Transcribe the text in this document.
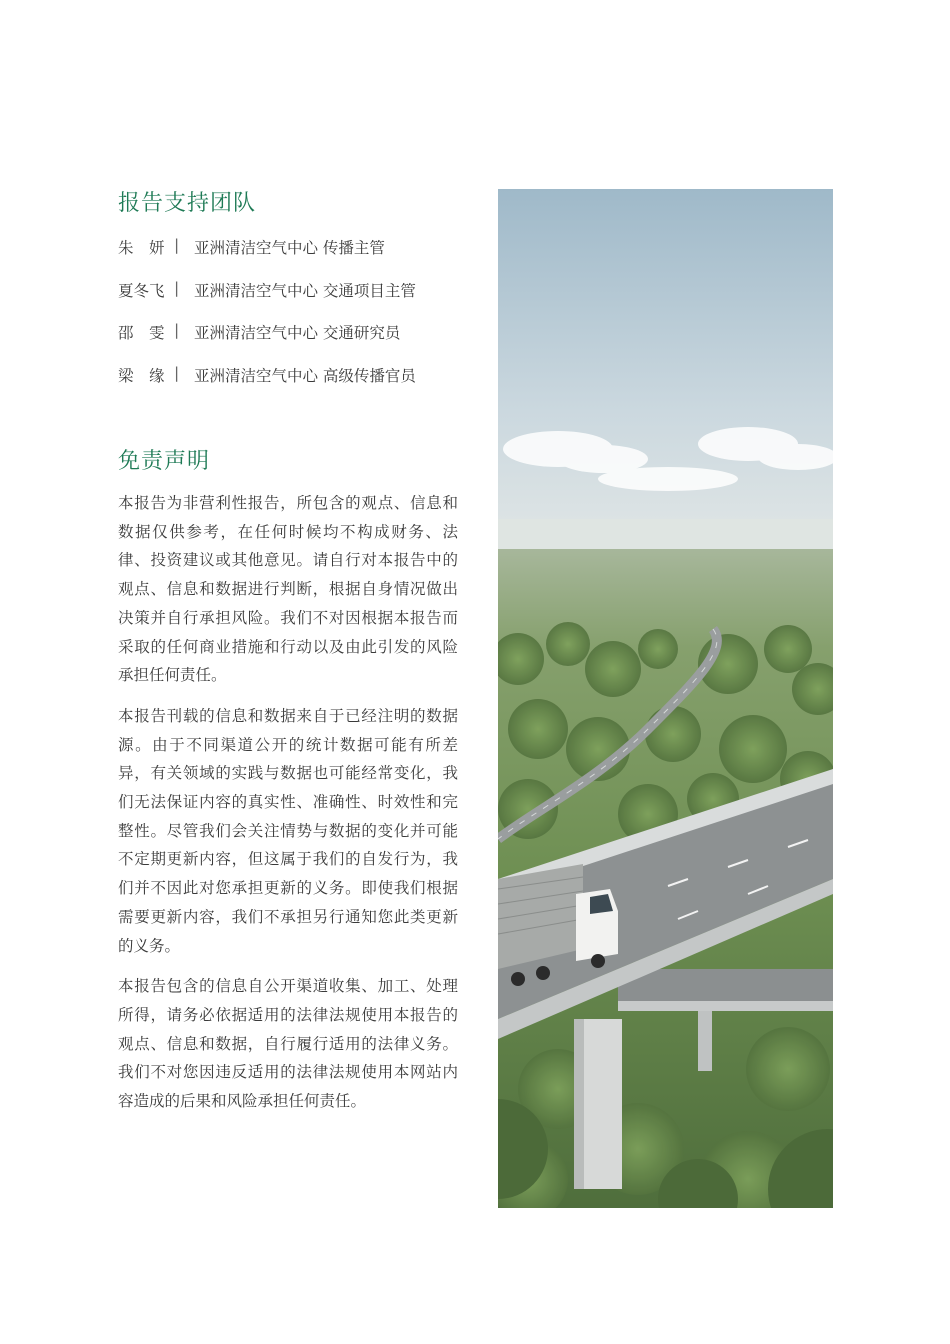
报告支持团队
朱　妍 | 亚洲清洁空气中心 传播主管
夏冬飞 | 亚洲清洁空气中心 交通项目主管
邵　雯 | 亚洲清洁空气中心 交通研究员
梁　缘 | 亚洲清洁空气中心 高级传播官员
免责声明

本报告为非营利性报告，所包含的观点、信息和数据仅供参考，在任何时候均不构成财务、法律、投资建议或其他意见。请自行对本报告中的观点、信息和数据进行判断，根据自身情况做出决策并自行承担风险。我们不对因根据本报告而采取的任何商业措施和行动以及由此引发的风险承担任何责任。

本报告刊载的信息和数据来自于已经注明的数据源。由于不同渠道公开的统计数据可能有所差异，有关领域的实践与数据也可能经常变化，我们无法保证内容的真实性、准确性、时效性和完整性。尽管我们会关注情势与数据的变化并可能不定期更新内容，但这属于我们的自发行为，我们并不因此对您承担更新的义务。即使我们根据需要更新内容，我们不承担另行通知您此类更新的义务。

本报告包含的信息自公开渠道收集、加工、处理所得，请务必依据适用的法律法规使用本报告的观点、信息和数据，自行履行适用的法律义务。我们不对您因违反适用的法律法规使用本网站内容造成的后果和风险承担任何责任。
